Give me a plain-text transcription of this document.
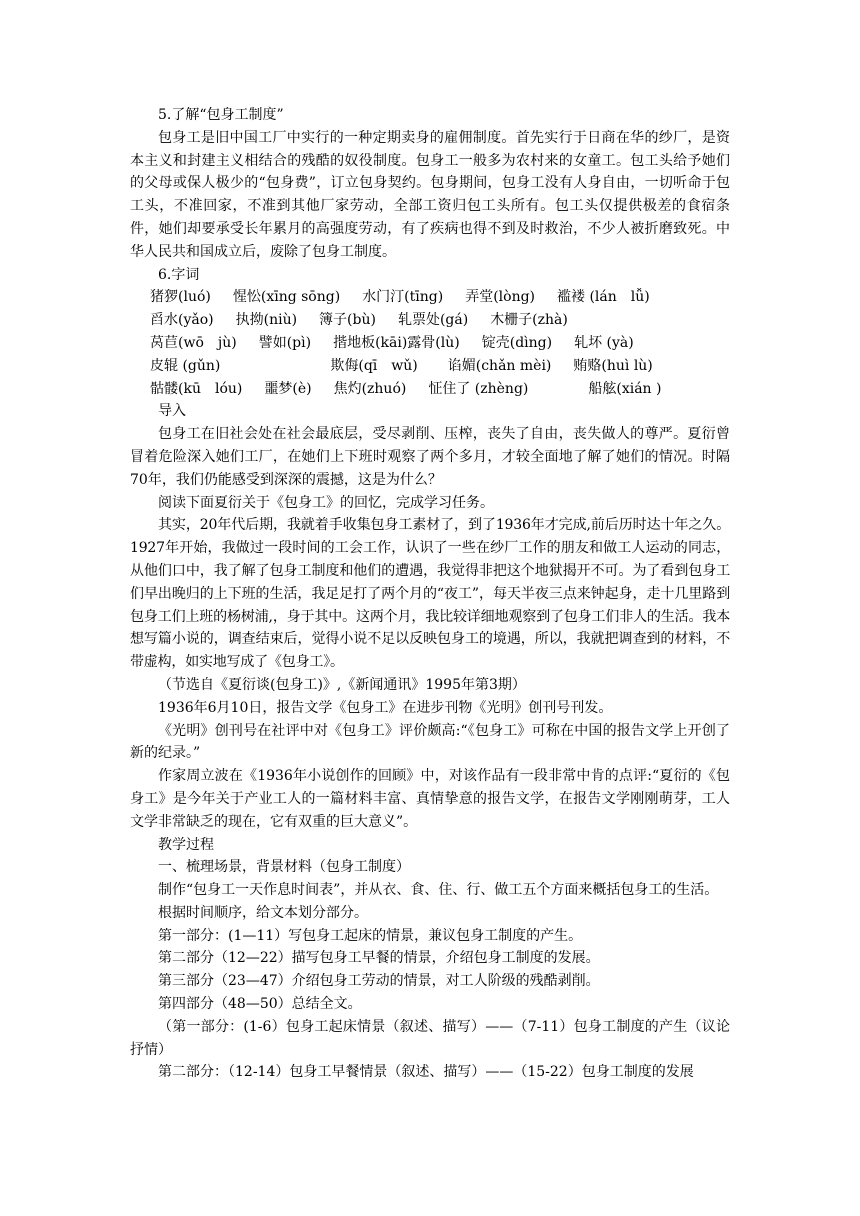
5.了解“包身工制度”

包身工是旧中国工厂中实行的一种定期卖身的雇佣制度。首先实行于日商在华的纱厂，是资本主义和封建主义相结合的残酷的奴役制度。包身工一般多为农村来的女童工。包工头给予她们的父母或保人极少的“包身费”，订立包身契约。包身期间，包身工没有人身自由，一切听命于包工头，不准回家，不准到其他厂家劳动，全部工资归包工头所有。包工头仅提供极差的食宿条件，她们却要承受长年累月的高强度劳动，有了疾病也得不到及时救治，不少人被折磨致死。中华人民共和国成立后，废除了包身工制度。

6.字词

猪猡(luó) 惺忪(xīng sōng) 水门汀(tīng) 弄堂(lòng) 褴褛 (lán　lǚ)
舀水(yǎo) 执拗(niù) 簿子(bù) 轧票处(gá) 木栅子(zhà)
莴苣(wō　jù) 譬如(pì) 揩地板(kāi)露骨(lù) 锭壳(dìng) 轧坏 (yà)
皮辊 (gǔn)	欺侮(qī　wǔ) 谄媚(chǎn mèi) 贿赂(huì lù)
骷髅(kū　lóu) 噩梦(è) 焦灼(zhuó) 怔住了 (zhèng)	船舷(xián )

导入

包身工在旧社会处在社会最底层，受尽剥削、压榨，丧失了自由，丧失做人的尊严。夏衍曾冒着危险深入她们工厂，在她们上下班时观察了两个多月，才较全面地了解了她们的情况。时隔70年，我们仍能感受到深深的震撼，这是为什么？

阅读下面夏衍关于《包身工》的回忆，完成学习任务。

其实，20年代后期，我就着手收集包身工素材了，到了1936年才完成,前后历时达十年之久。1927年开始，我做过一段时间的工会工作，认识了一些在纱厂工作的朋友和做工人运动的同志，从他们口中，我了解了包身工制度和他们的遭遇，我觉得非把这个地狱揭开不可。为了看到包身工们早出晚归的上下班的生活，我足足打了两个月的“夜工”，每天半夜三点来钟起身，走十几里路到包身工们上班的杨树浦,，身于其中。这两个月，我比较详细地观察到了包身工们非人的生活。我本想写篇小说的，调查结束后，觉得小说不足以反映包身工的境遇，所以，我就把调查到的材料，不带虚构，如实地写成了《包身工》。

（节选自《夏衍谈(包身工)》,《新闻通讯》1995年第3期）

1936年6月10日，报告文学《包身工》在进步刊物《光明》创刊号刊发。

《光明》创刊号在社评中对《包身工》评价颇高:“《包身工》可称在中国的报告文学上开创了新的纪录。”

作家周立波在《1936年小说创作的回顾》中，对该作品有一段非常中肯的点评:“夏衍的《包身工》是今年关于产业工人的一篇材料丰富、真情挚意的报告文学，在报告文学刚刚萌芽，工人文学非常缺乏的现在，它有双重的巨大意义”。

教学过程

一、梳理场景，背景材料（包身工制度）

制作“包身工一天作息时间表”，并从衣、食、住、行、做工五个方面来概括包身工的生活。

根据时间顺序，给文本划分部分。

第一部分：(1—11）写包身工起床的情景，兼议包身工制度的产生。

第二部分（12—22）描写包身工早餐的情景，介绍包身工制度的发展。

第三部分（23—47）介绍包身工劳动的情景，对工人阶级的残酷剥削。

第四部分（48—50）总结全文。

（第一部分：(1-6）包身工起床情景（叙述、描写）——（7-11）包身工制度的产生（议论抒情）

第二部分：（12-14）包身工早餐情景（叙述、描写）——（15-22）包身工制度的发展
